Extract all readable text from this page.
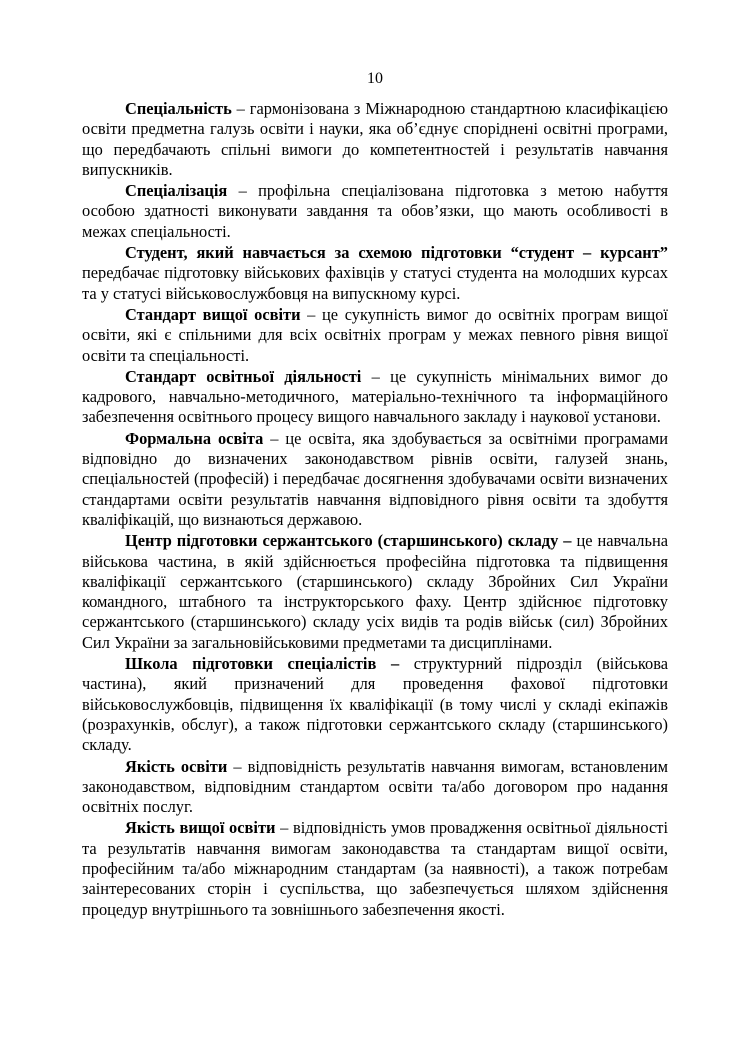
10

Спеціальність – гармонізована з Міжнародною стандартною класифікацією освіти предметна галузь освіти і науки, яка об’єднує споріднені освітні програми, що передбачають спільні вимоги до компетентностей і результатів навчання випускників.

Спеціалізація – профільна спеціалізована підготовка з метою набуття особою здатності виконувати завдання та обов’язки, що мають особливості в межах спеціальності.

Студент, який навчається за схемою підготовки “студент – курсант” передбачає підготовку військових фахівців у статусі студента на молодших курсах та у статусі військовослужбовця на випускному курсі.

Стандарт вищої освіти – це сукупність вимог до освітніх програм вищої освіти, які є спільними для всіх освітніх програм у межах певного рівня вищої освіти та спеціальності.

Стандарт освітньої діяльності – це сукупність мінімальних вимог до кадрового, навчально-методичного, матеріально-технічного та інформаційного забезпечення освітнього процесу вищого навчального закладу і наукової установи.

Формальна освіта – це освіта, яка здобувається за освітніми програмами відповідно до визначених законодавством рівнів освіти, галузей знань, спеціальностей (професій) і передбачає досягнення здобувачами освіти визначених стандартами освіти результатів навчання відповідного рівня освіти та здобуття кваліфікацій, що визнаються державою.

Центр підготовки сержантського (старшинського) складу – це навчальна військова частина, в якій здійснюється професійна підготовка та підвищення кваліфікації сержантського (старшинського) складу Збройних Сил України командного, штабного та інструкторського фаху. Центр здійснює підготовку сержантського (старшинського) складу усіх видів та родів військ (сил) Збройних Сил України за загальновійськовими предметами та дисциплінами.

Школа підготовки спеціалістів – структурний підрозділ (військова частина), який призначений для проведення фахової підготовки військовослужбовців, підвищення їх кваліфікації (в тому числі у складі екіпажів (розрахунків, обслуг), а також підготовки сержантського складу (старшинського) складу.

Якість освіти – відповідність результатів навчання вимогам, встановленим законодавством, відповідним стандартом освіти та/або договором про надання освітніх послуг.

Якість вищої освіти – відповідність умов провадження освітньої діяльності та результатів навчання вимогам законодавства та стандартам вищої освіти, професійним та/або міжнародним стандартам (за наявності), а також потребам заінтересованих сторін і суспільства, що забезпечується шляхом здійснення процедур внутрішнього та зовнішнього забезпечення якості.
